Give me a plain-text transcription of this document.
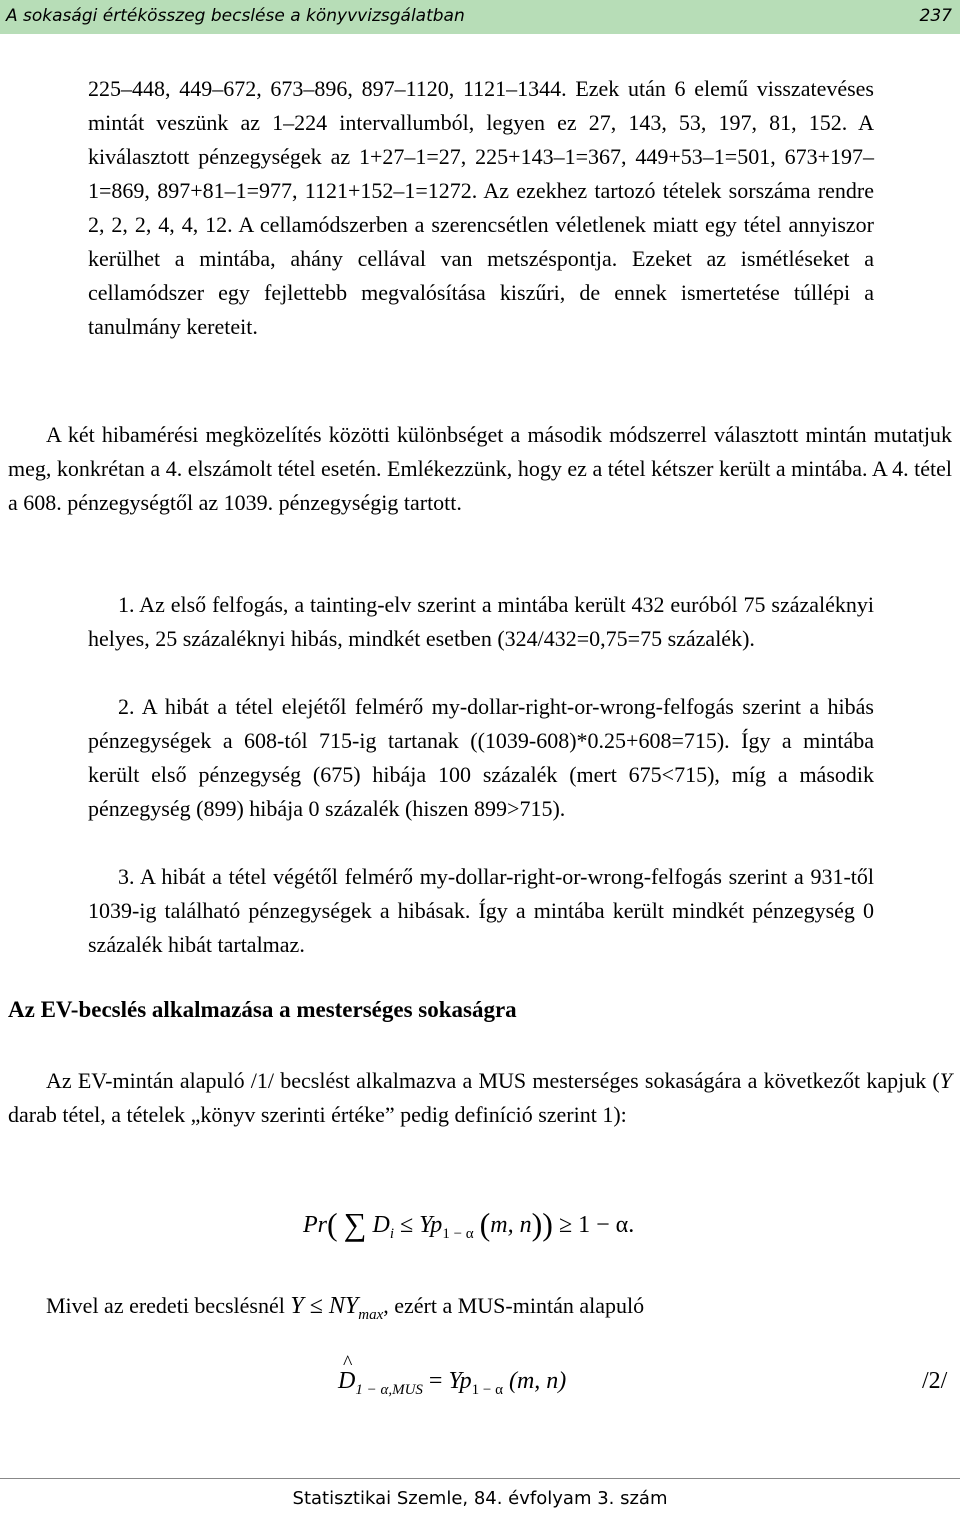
A sokasági értékösszeg becslése a könyvvizsgálatban	237

225–448, 449–672, 673–896, 897–1120, 1121–1344. Ezek után 6 elemű visszatevéses mintát veszünk az 1–224 intervallumból, legyen ez 27, 143, 53, 197, 81, 152. A kiválasztott pénzegységek az 1+27–1=27, 225+143–1=367, 449+53–1=501, 673+197–1=869, 897+81–1=977, 1121+152–1=1272. Az ezekhez tartozó tételek sorszáma rendre 2, 2, 2, 4, 4, 12. A cellamódszerben a szerencsétlen véletlenek miatt egy tétel annyiszor kerülhet a mintába, ahány cellával van metszéspontja. Ezeket az ismétléseket a cellamódszer egy fejlettebb megvalósítása kiszűri, de ennek ismertetése túllépi a tanulmány kereteit.

A két hibamérési megközelítés közötti különbséget a második módszerrel választott mintán mutatjuk meg, konkrétan a 4. elszámolt tétel esetén. Emlékezzünk, hogy ez a tétel kétszer került a mintába. A 4. tétel a 608. pénzegységtől az 1039. pénzegységig tartott.

1. Az első felfogás, a tainting-elv szerint a mintába került 432 euróból 75 százaléknyi helyes, 25 százaléknyi hibás, mindkét esetben (324/432=0,75=75 százalék).

2. A hibát a tétel elejétől felmérő my-dollar-right-or-wrong-felfogás szerint a hibás pénzegységek a 608-tól 715-ig tartanak ((1039-608)*0.25+608=715). Így a mintába került első pénzegység (675) hibája 100 százalék (mert 675<715), míg a második pénzegység (899) hibája 0 százalék (hiszen 899>715).

3. A hibát a tétel végétől felmérő my-dollar-right-or-wrong-felfogás szerint a 931-től 1039-ig található pénzegységek a hibásak. Így a mintába került mindkét pénzegység 0 százalék hibát tartalmaz.

Az EV-becslés alkalmazása a mesterséges sokaságra

Az EV-mintán alapuló /1/ becslést alkalmazva a MUS mesterséges sokaságára a következőt kapjuk (Y darab tétel, a tételek „könyv szerinti értéke” pedig definíció szerint 1):

Pr( ∑ $D_i \le Yp_{1 - \alpha}$ (m, n)) ≥ 1 − α.

Mivel az eredeti becslésnél $Y \le NY_{max}$, ezért a MUS-mintán alapuló

^ $D_{1 - \alpha,MUS} = Yp_{1 - \alpha}$ (m, n)	/2/
Statisztikai Szemle, 84. évfolyam 3. szám
